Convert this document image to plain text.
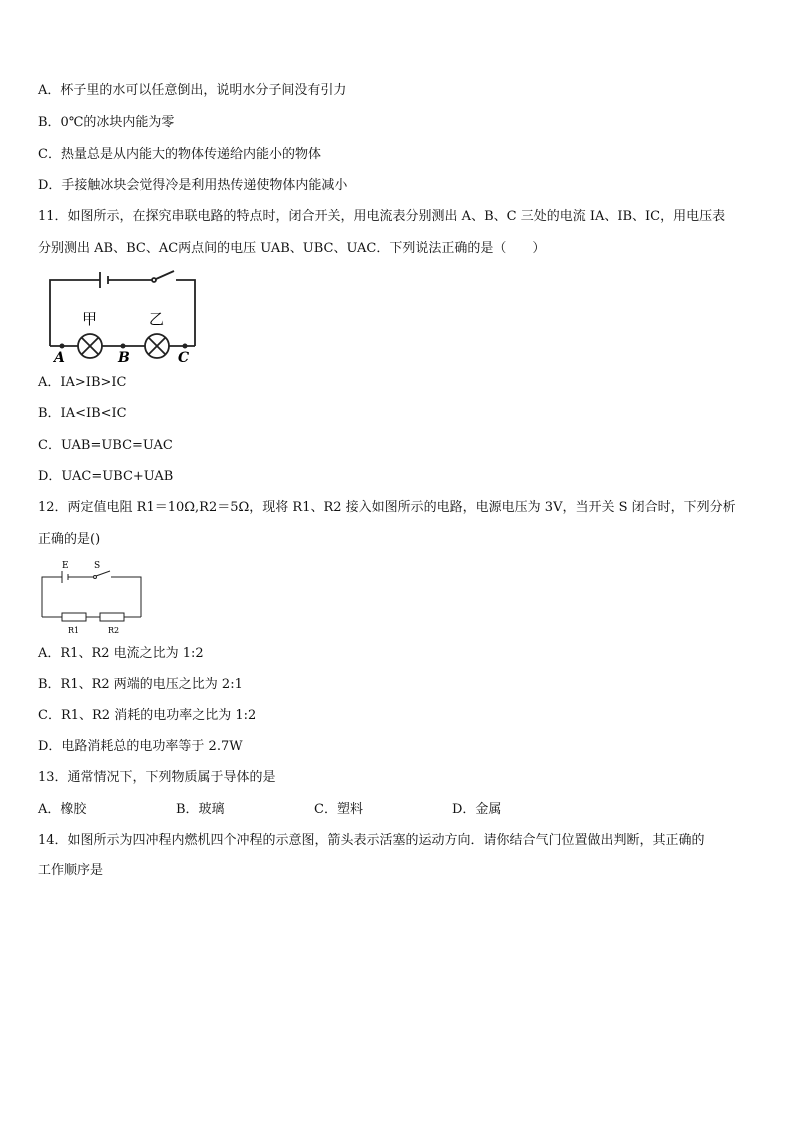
A．杯子里的水可以任意倒出，说明水分子间没有引力
B．0℃的冰块内能为零
C．热量总是从内能大的物体传递给内能小的物体
D．手接触冰块会觉得冷是利用热传递使物体内能减小
11．如图所示，在探究串联电路的特点时，闭合开关，用电流表分别测出 A、B、C 三处的电流 IA、IB、IC，用电压表
分别测出 AB、BC、AC两点间的电压 UAB、UBC、UAC．下列说法正确的是（　　）
甲	乙
A	B	C
A．IA>IB>IC
B．IA<IB<IC
C．UAB=UBC=UAC
D．UAC=UBC+UAB
12．两定值电阻 R1＝10Ω,R2＝5Ω，现将 R1、R2 接入如图所示的电路，电源电压为 3V，当开关 S 闭合时，下列分析
正确的是()
E	S
R1	R2
A．R1、R2 电流之比为 1:2
B．R1、R2 两端的电压之比为 2:1
C．R1、R2 消耗的电功率之比为 1:2
D．电路消耗总的电功率等于 2.7W
13．通常情况下，下列物质属于导体的是
A．橡胶	B．玻璃	C．塑料	D．金属
14．如图所示为四冲程内燃机四个冲程的示意图，箭头表示活塞的运动方向．请你结合气门位置做出判断，其正确的
工作顺序是
